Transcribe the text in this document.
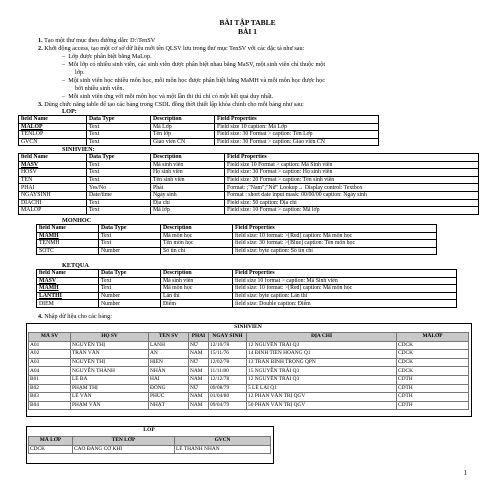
BÀI TẬP TABLE
BÀI 1
1. Tạo một thư mục theo đường dẫn: D:\TenSV
2. Khởi động access, tạo một cơ sở dữ liệu mới tên QLSV lưu trong thư mục TenSV với các đặc tả như sau:
–  Lớp được phân biệt bằng MaLop.
–  Mỗi lớp có nhiều sinh viên, các sinh viên được phân biệt nhau bằng MaSV, một sinh viên chỉ thuộc một
lớp.
–  Một sinh viên học nhiều môn học, mỗi môn học được phân biệt bằng MaMH và mỗi môn học được học
bởi nhiều sinh viên.
–  Mỗi sinh viên ứng với mỗi môn học và một lần thi thì chỉ có một kết quả duy nhất.
3. Dùng chức năng table để tạo các bảng trong CSDL đồng thời thiết lập khóa chính cho mỗi bảng như sau:
LOP:
field Name	Data Type	Description	Field Properties
MALOP	Text	Mã Lớp	Field size 10 caption: Mã Lớp
TENLOP	Text	Tên lớp	Field size: 30 Format > caption: Tên Lớp
GVCN	Text	Giáo viên CN	Field size: 30 Format > caption: Giáo viên CN
SINHVIEN:
field Name	Data Type	Description	Field Properties
MASV	Text	Mã sinh viên	Field size 10 Format > caption: Mã Sinh viên
HOSV	Text	Họ sinh viên	Field size: 30 Format > caption: Họ sinh viên
TEN	Text	Tên sinh viên	Field size: 20 Format > caption: Tên sinh viên
PHAI	Yes/No	Phái	Format: ;"Nam";"Nữ" Lookup→ Display control: Textbox
NGAYSINH	Date/time	Ngày sinh	Format : short date input mask: 00/00/00 caption: Ngày sinh
DIACHI	Text	Địa chỉ	Field size: 50 caption: Địa chỉ
MALOP	Text	Mã lớp	Field size: 10 Format > caption: Mã lớp
MONHOC
field Name	Data Type	Description	Field Properties
MAMH	Text	Mã môn học	field size: 10 format: >[Red] caption: Mã môn học
TENMH	Text	Tên môn học	field size: 30 format: >[Blue] caption: Tên môn học
SOTC	Number	Số tín chỉ	field size: byte caption: Số tín chỉ
KETQUA
field Name	Data Type	Description	Field Properties
MASV	Text	Mã sinh viên	field size 10 format > caption: Mã Sinh viên
MAMH	Text	Mã môn học	field size: 10 format: >[Red] caption: Mã môn học
LANTHI	Number	Lần thi	field size: byte caption: Lần thi
DIEM	Number	Điểm	field size: Double caption: Điểm
4. Nhập dữ liệu cho các bảng:
SINHVIEN
MÃ SV	HỌ SV	TÊN SV	PHÁI	NGÀY SINH	ĐỊA CHỈ	MÃLỚP
A01	NGUYỄN THỊ	LÀNH	NỮ	12/10/78	12 NGUYỄN TRÃI Q3	CDCK
A02	TRẦN VĂN	AN	NAM	15/11/76	14 ĐINH TIÊN HOÀNG Q1	CDCK
A03	NGUYỄN THỊ	HIỀN	NỮ	12/02/78	13 TRẦN BÌNH TRỌNG QPN	CDCK
A04	NGUYỄN THÀNH	NHÂN	NAM	11/11/80	15 NGUYỄN TRÃI Q3	CDCK
B01	LÊ BÁ	HẢI	NAM	12/12/78	12 NGUYỄN TRÃI Q3	CDTH
B02	PHẠM THỊ	ĐÔNG	NỮ	09/08/79	5 LÊ LAI Q1	CDTH
B03	LÊ VĂN	PHÚC	NAM	01/04/80	12 PHAN VĂN TRỊ QGV	CDTH
B04	PHẠM VĂN	NHẬT	NAM	09/04/79	50 PHAN VĂN TRỊ QGV	CDTH
LOP
MÃ LỚP	TÊN LỚP	GVCN
CDCK	CAO ĐẲNG CƠ KHÍ	LÊ THÀNH NHÂN
1
